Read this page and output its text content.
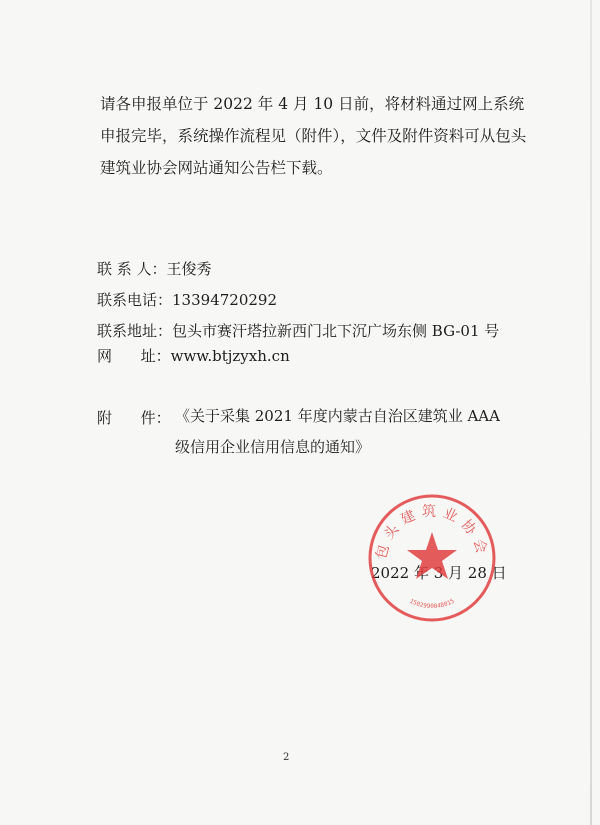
请各申报单位于 2022 年 4 月 10 日前，将材料通过网上系统
申报完毕，系统操作流程见（附件），文件及附件资料可从包头
建筑业协会网站通知公告栏下载。
联 系 人：王俊秀
联系电话：13394720292
联系地址：包头市赛汗塔拉新西门北下沉广场东侧 BG-01 号
网      址：www.btjzyxh.cn
附      件： 《关于采集 2021 年度内蒙古自治区建筑业 AAA 级信用企业信用信息的通知》
2022 年 3 月 28 日
包头建筑业协会
1502990048015
2
